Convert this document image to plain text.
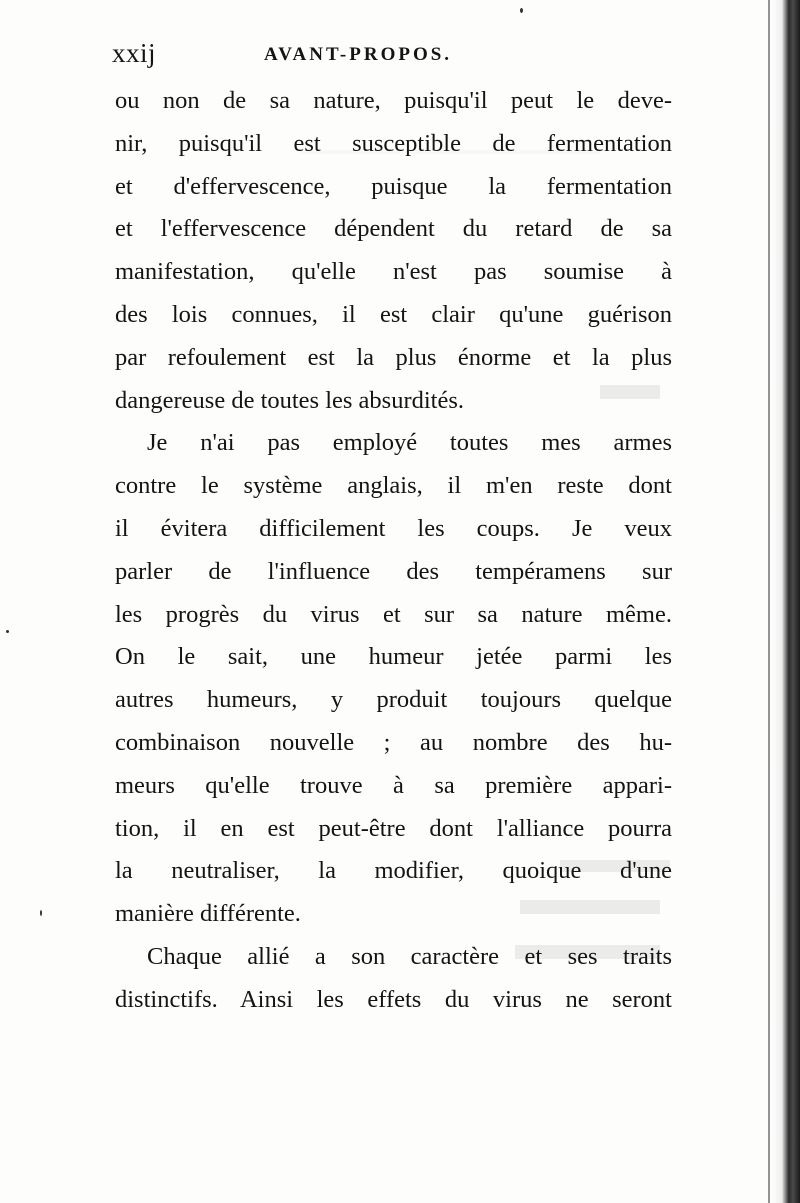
xxij	AVANT-PROPOS.
ou non de sa nature, puisqu'il peut le deve-
nir, puisqu'il est susceptible de fermentation
et d'effervescence, puisque la fermentation
et l'effervescence dépendent du retard de sa
manifestation, qu'elle n'est pas soumise à
des lois connues, il est clair qu'une guérison
par refoulement est la plus énorme et la plus
dangereuse de toutes les absurdités.
Je n'ai pas employé toutes mes armes
contre le système anglais, il m'en reste dont
il évitera difficilement les coups. Je veux
parler de l'influence des tempéramens sur
les progrès du virus et sur sa nature même.
On le sait, une humeur jetée parmi les
autres humeurs, y produit toujours quelque
combinaison nouvelle ; au nombre des hu-
meurs qu'elle trouve à sa première appari-
tion, il en est peut-être dont l'alliance pourra
la neutraliser, la modifier, quoique d'une
manière différente.
Chaque allié a son caractère et ses traits
distinctifs. Ainsi les effets du virus ne seront
